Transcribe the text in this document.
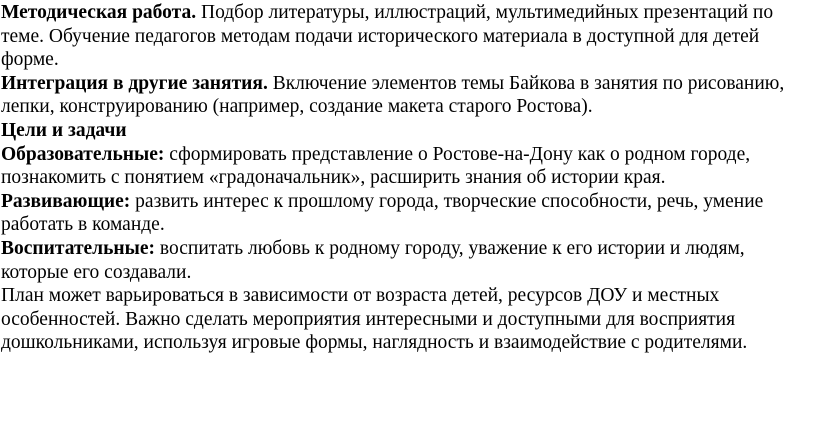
Методическая работа. Подбор литературы, иллюстраций, мультимедийных презентаций по теме. Обучение педагогов методам подачи исторического материала в доступной для детей форме.

Интеграция в другие занятия. Включение элементов темы Байкова в занятия по рисованию, лепки, конструированию (например, создание макета старого Ростова).

Цели и задачи

Образовательные: сформировать представление о Ростове-на-Дону как о родном городе, познакомить с понятием «градоначальник», расширить знания об истории края.

Развивающие: развить интерес к прошлому города, творческие способности, речь, умение работать в команде.

Воспитательные: воспитать любовь к родному городу, уважение к его истории и людям, которые его создавали.

План может варьироваться в зависимости от возраста детей, ресурсов ДОУ и местных особенностей. Важно сделать мероприятия интересными и доступными для восприятия дошкольниками, используя игровые формы, наглядность и взаимодействие с родителями.
